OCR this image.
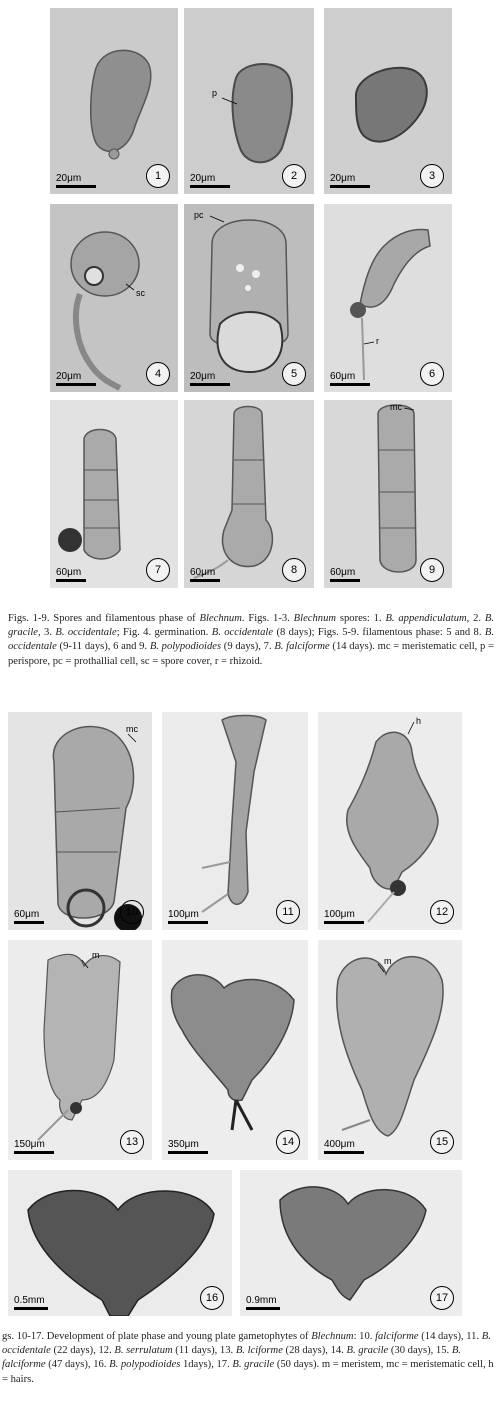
20μm	1
p
20μm	2	20μm	3
sc
20μm	4
pc
20μm	5
r
60μm	6
60μm	7	60μm	8
mc
60μm	9
Figs. 1-9. Spores and filamentous phase of Blechnum. Figs. 1-3. Blechnum spores: 1. B. appendiculatum, 2. B. gracile, 3. B. occidentale; Fig. 4. germination. B. occidentale (8 days); Figs. 5-9. filamentous phase: 5 and 8. B. occidentale (9-11 days), 6 and 9. B. polypodioides (9 days), 7. B. falciforme (14 days). mc = meristematic cell, p = perispore, pc = prothallial cell, sc = spore cover, r = rhizoid.
mc
60μm	10	100μm	11
h
100μm	12
m
150μm	13	350μm	14
m
400μm	15
0.5mm	16	0.9mm	17
gs. 10-17. Development of plate phase and young plate gametophytes of Blechnum: 10. falciforme (14 days), 11. B. occidentale (22 days), 12. B. serrulatum (11 days), 13. B. lciforme (28 days), 14. B. gracile (30 days), 15. B. falciforme (47 days), 16. B. polypodioides 1days), 17. B. gracile (50 days). m = meristem, mc = meristematic cell, h = hairs.
